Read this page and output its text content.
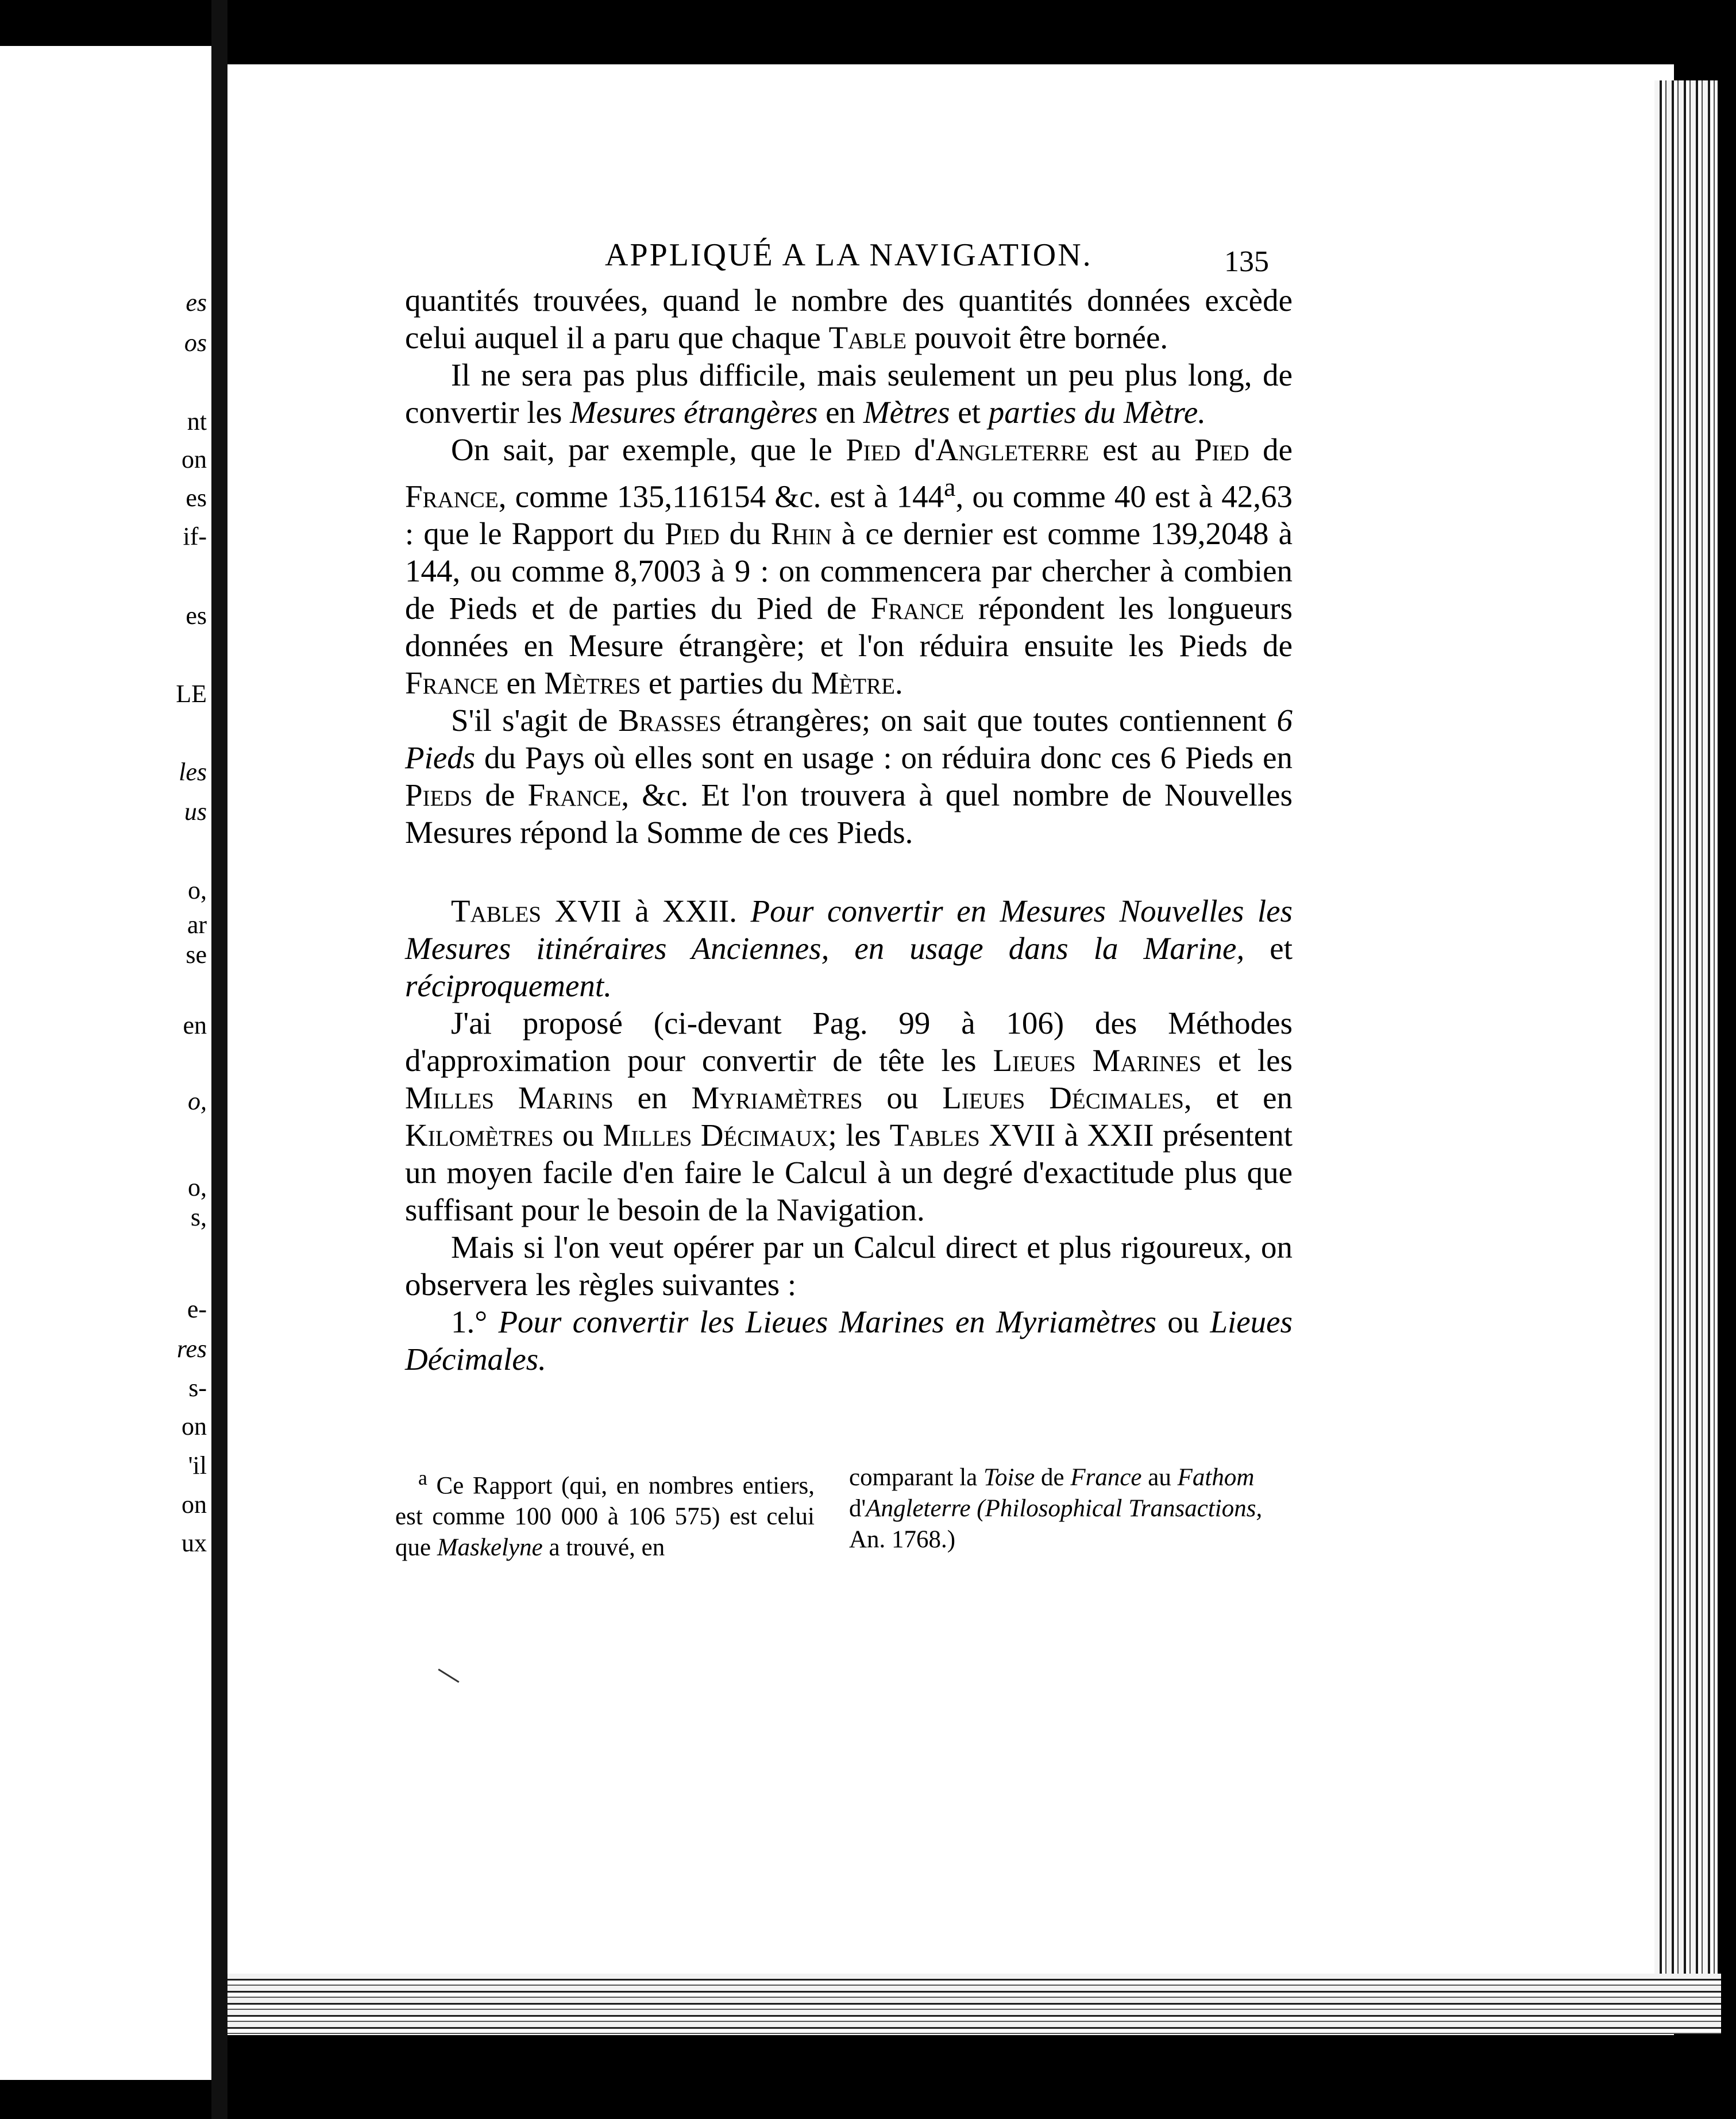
es
os
nt
on
es
if-
es
LE
les
us
o,
ar
se
en
o,
o,
s,
e-
res
s-
on
'il
on
ux
APPLIQUÉ A LA NAVIGATION.	135

quantités trouvées, quand le nombre des quantités données excède celui auquel il a paru que chaque Table pouvoit être bornée.

Il ne sera pas plus difficile, mais seulement un peu plus long, de convertir les Mesures étrangères en Mètres et parties du Mètre.

On sait, par exemple, que le Pied d'Angleterre est au Pied de France, comme 135,116154 &c. est à 144$^a$, ou comme 40 est à 42,63 : que le Rapport du Pied du Rhin à ce dernier est comme 139,2048 à 144, ou comme 8,7003 à 9 : on commencera par chercher à combien de Pieds et de parties du Pied de France répondent les longueurs données en Mesure étrangère; et l'on réduira ensuite les Pieds de France en Mètres et parties du Mètre.

S'il s'agit de Brasses étrangères; on sait que toutes contiennent 6 Pieds du Pays où elles sont en usage : on réduira donc ces 6 Pieds en Pieds de France, &c. Et l'on trouvera à quel nombre de Nouvelles Mesures répond la Somme de ces Pieds.

Tables XVII à XXII. Pour convertir en Mesures Nouvelles les Mesures itinéraires Anciennes, en usage dans la Marine, et réciproquement.

J'ai proposé (ci-devant Pag. 99 à 106) des Méthodes d'approximation pour convertir de tête les Lieues Marines et les Milles Marins en Myriamètres ou Lieues Décimales, et en Kilomètres ou Milles Décimaux; les Tables XVII à XXII présentent un moyen facile d'en faire le Calcul à un degré d'exactitude plus que suffisant pour le besoin de la Navigation.

Mais si l'on veut opérer par un Calcul direct et plus rigoureux, on observera les règles suivantes :

1.° Pour convertir les Lieues Marines en Myriamètres ou Lieues Décimales.

$^a$ Ce Rapport (qui, en nombres entiers, est comme 100 000 à 106 575) est celui que Maskelyne a trouvé, en
comparant la Toise de France au Fathom d'Angleterre (Philosophical Transactions, An. 1768.)
